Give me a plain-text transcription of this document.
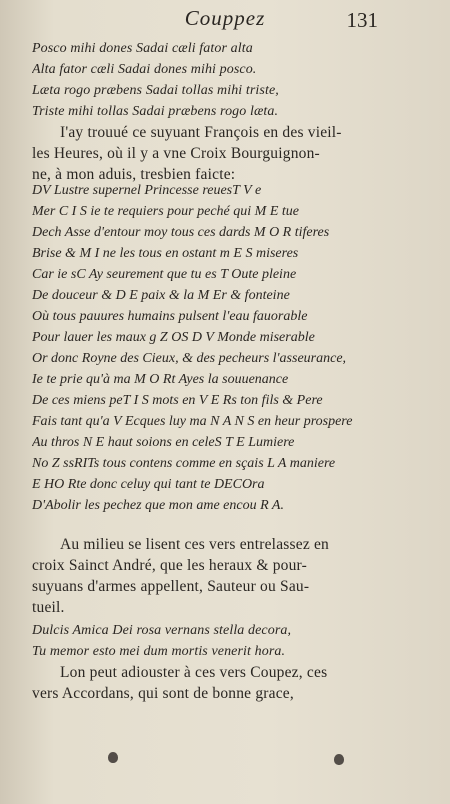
Couppez	131
Posco mihi dones Sadai cæli fator alta
Alta fator cæli Sadai dones mihi posco.
Læta rogo præbens Sadai tollas mihi triste,
Triste mihi tollas Sadai præbens rogo læta.
I'ay trouué ce suyuant François en des vieil-
les Heures, où il y a vne Croix Bourguignon-
ne, à mon aduis, tresbien faicte:
DV Lustre supernel Princesse reuesT V e
Mer C I S ie te requiers pour peché qui M E tue
Dech Asse d'entour moy tous ces dards M O R tiferes
Brise & M I ne les tous en ostant m E S miseres
Car ie sC Ay seurement que tu es T Oute pleine
De douceur & D E paix & la M Er & fonteine
Où tous pauures humains pulsent l'eau fauorable
Pour lauer les maux g Z OS D V Monde miserable
Or donc Royne des Cieux, & des pecheurs l'asseurance,
Ie te prie qu'à ma M O Rt Ayes la souuenance
De ces miens peT I S mots en V E Rs ton fils & Pere
Fais tant qu'a V Ecques luy ma N A N S en heur prospere
Au thros N E haut soions en celeS T E Lumiere
No Z ssRITs tous contens comme en sçais L A maniere
E HO Rte donc celuy qui tant te DECOra
D'Abolir les pechez que mon ame encou R A.
Au milieu se lisent ces vers entrelassez en
croix Sainct André, que les heraux & pour-
suyuans d'armes appellent, Sauteur ou Sau-
tueil.
Dulcis Amica Dei rosa vernans stella decora,
Tu memor esto mei dum mortis venerit hora.
Lon peut adiouster à ces vers Coupez, ces
vers Accordans, qui sont de bonne grace,
